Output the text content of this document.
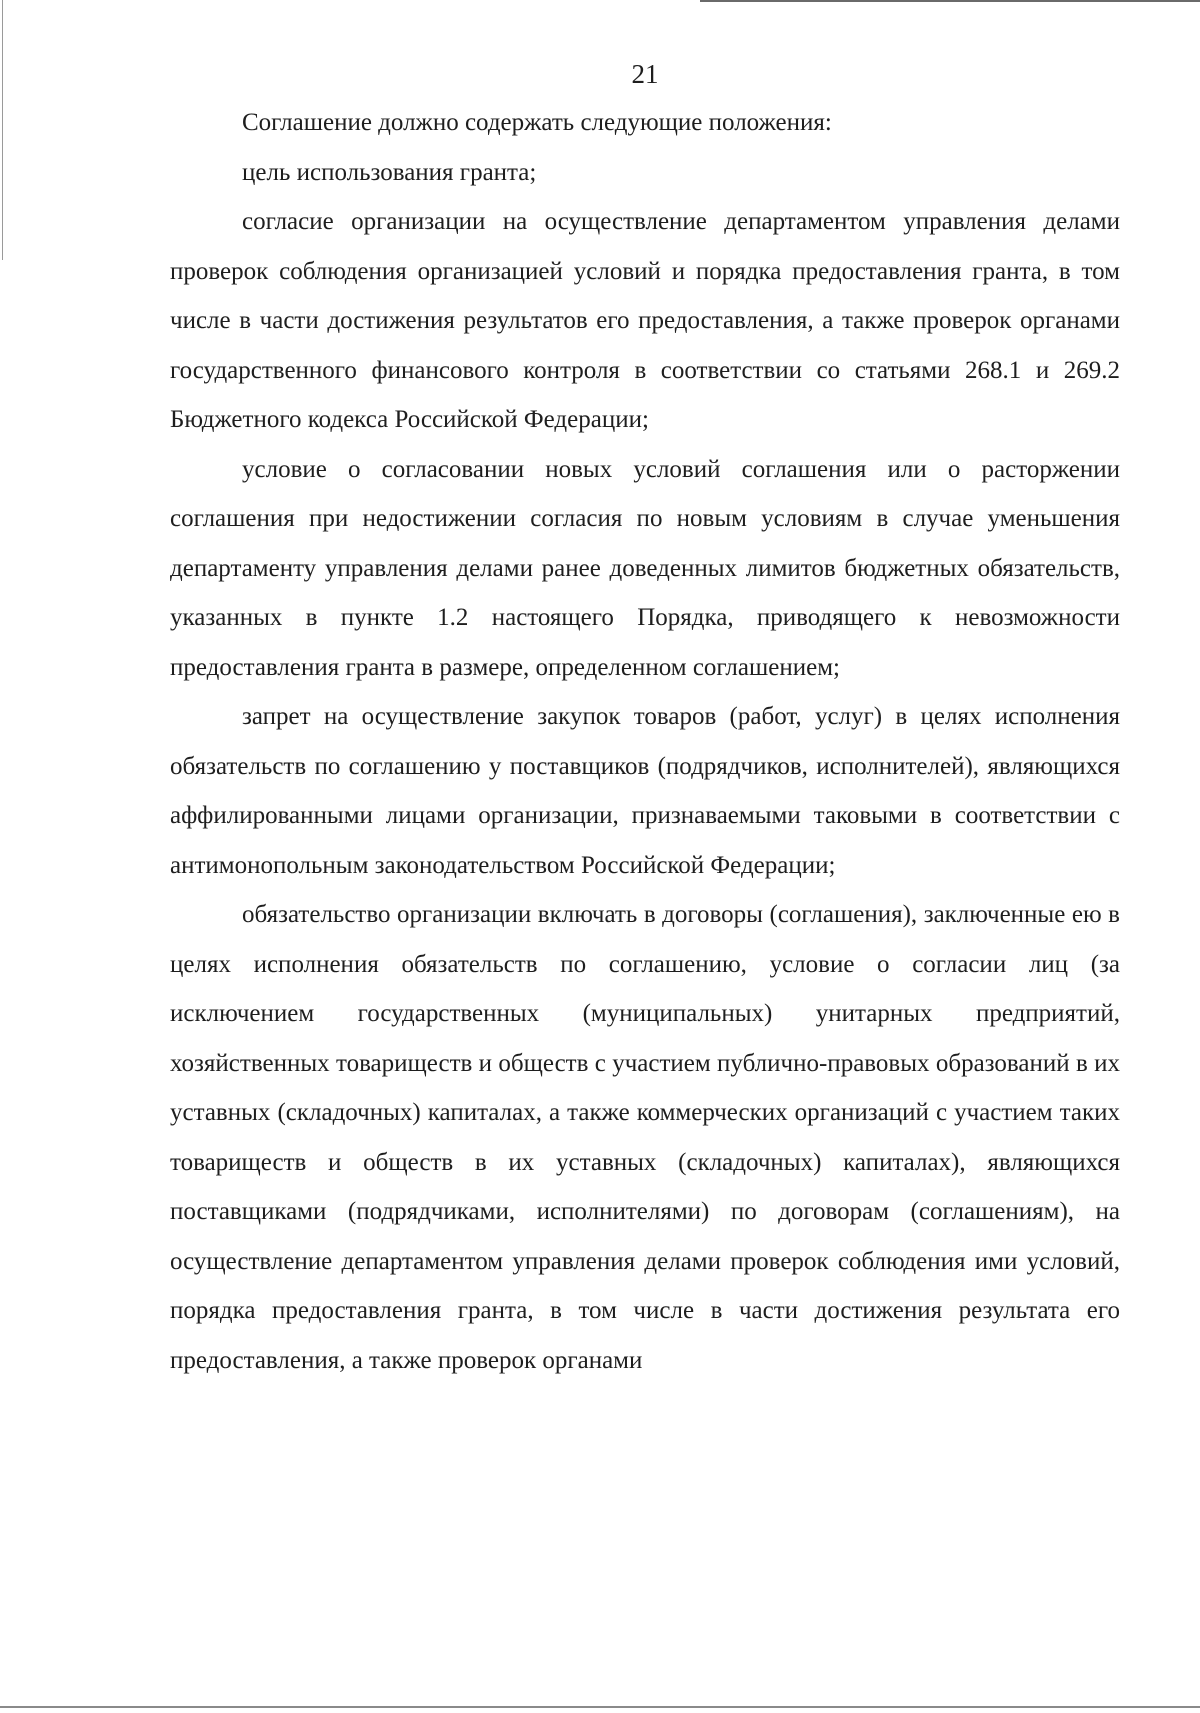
21

Соглашение должно содержать следующие положения:

цель использования гранта;

согласие организации на осуществление департаментом управления делами проверок соблюдения организацией условий и порядка предоставления гранта, в том числе в части достижения результатов его предоставления, а также проверок органами государственного финансового контроля в соответствии со статьями 268.1 и 269.2 Бюджетного кодекса Российской Федерации;

условие о согласовании новых условий соглашения или о расторжении соглашения при недостижении согласия по новым условиям в случае уменьшения департаменту управления делами ранее доведенных лимитов бюджетных обязательств, указанных в пункте 1.2 настоящего Порядка, приводящего к невозможности предоставления гранта в размере, определенном соглашением;

запрет на осуществление закупок товаров (работ, услуг) в целях исполнения обязательств по соглашению у поставщиков (подрядчиков, исполнителей), являющихся аффилированными лицами организации, признаваемыми таковыми в соответствии с антимонопольным законодательством Российской Федерации;

обязательство организации включать в договоры (соглашения), заключенные ею в целях исполнения обязательств по соглашению, условие о согласии лиц (за исключением государственных (муниципальных) унитарных предприятий, хозяйственных товариществ и обществ с участием публично-правовых образований в их уставных (складочных) капиталах, а также коммерческих организаций с участием таких товариществ и обществ в их уставных (складочных) капиталах), являющихся поставщиками (подрядчиками, исполнителями) по договорам (соглашениям), на осуществление департаментом управления делами проверок соблюдения ими условий, порядка предоставления гранта, в том числе в части достижения результата его предоставления, а также проверок органами
